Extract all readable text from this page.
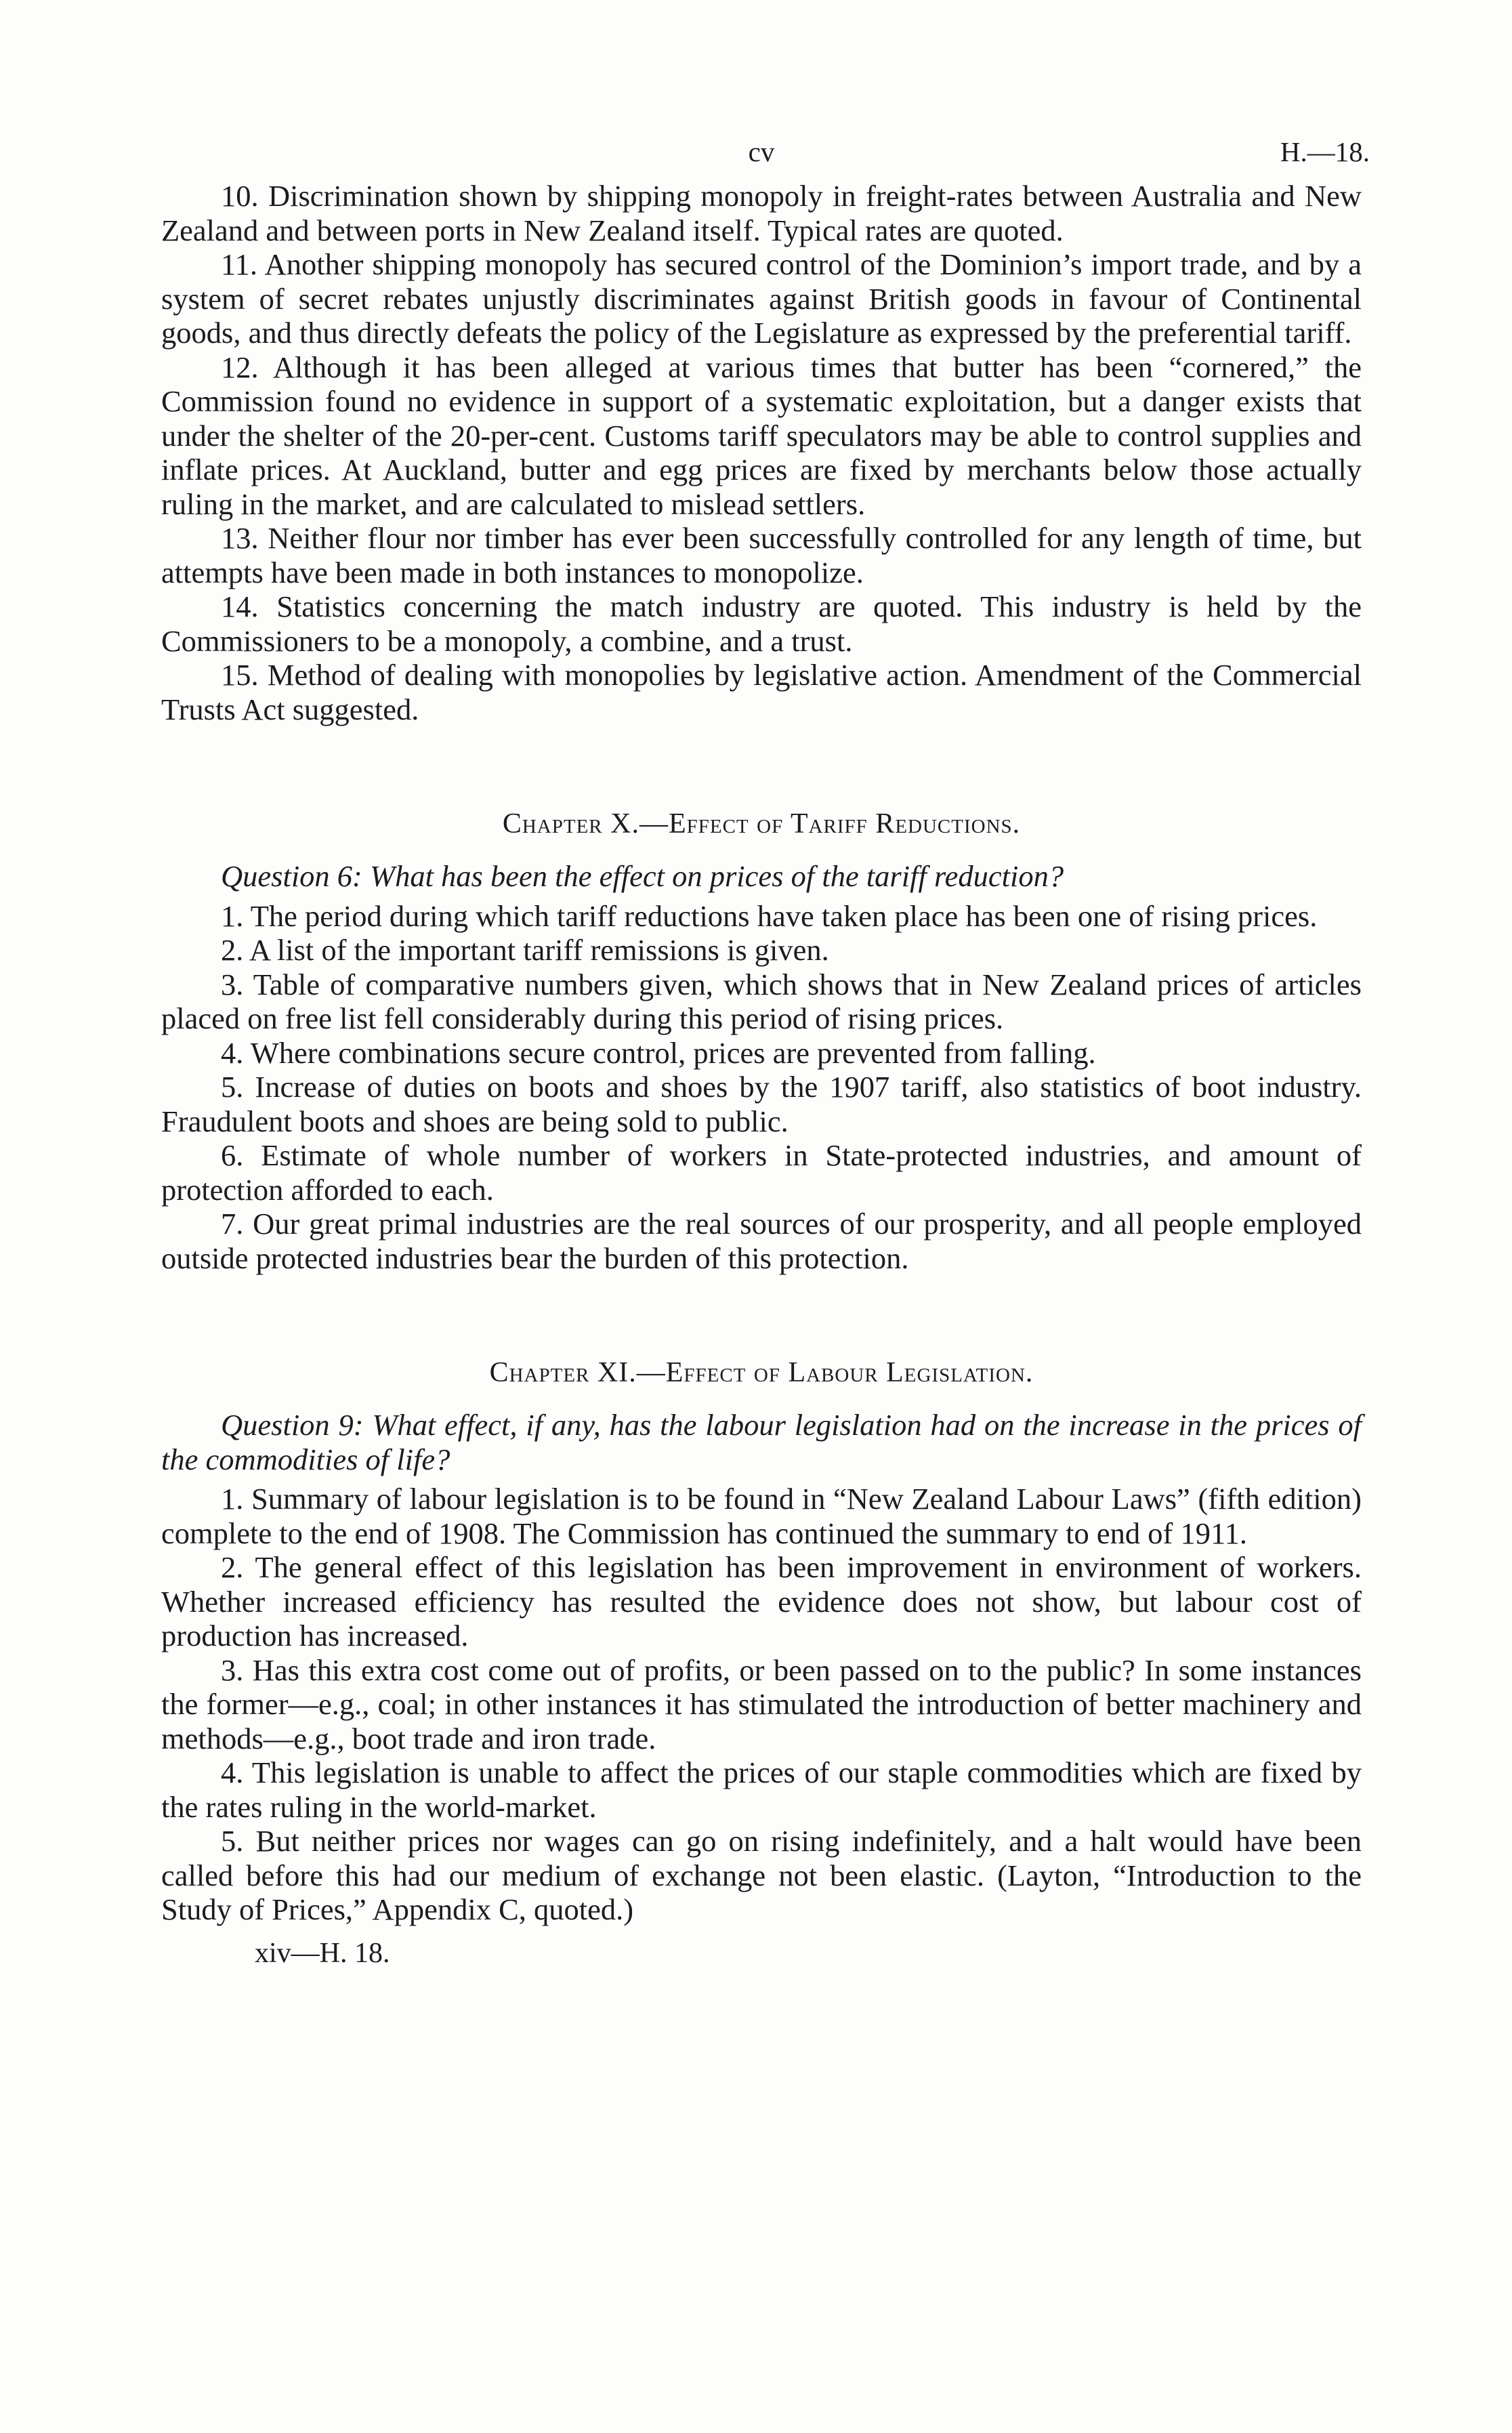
cv	H.—18.

10. Discrimination shown by shipping monopoly in freight-rates between Australia and New Zealand and between ports in New Zealand itself. Typical rates are quoted.

11. Another shipping monopoly has secured control of the Dominion’s import trade, and by a system of secret rebates unjustly discriminates against British goods in favour of Continental goods, and thus directly defeats the policy of the Legislature as expressed by the preferential tariff.

12. Although it has been alleged at various times that butter has been “cornered,” the Commission found no evidence in support of a systematic exploitation, but a danger exists that under the shelter of the 20-per-cent. Customs tariff speculators may be able to control supplies and inflate prices. At Auckland, butter and egg prices are fixed by merchants below those actually ruling in the market, and are calculated to mislead settlers.

13. Neither flour nor timber has ever been successfully controlled for any length of time, but attempts have been made in both instances to monopolize.

14. Statistics concerning the match industry are quoted. This industry is held by the Commissioners to be a monopoly, a combine, and a trust.

15. Method of dealing with monopolies by legislative action. Amendment of the Commercial Trusts Act suggested.

Chapter X.—Effect of Tariff Reductions.
Question 6: What has been the effect on prices of the tariff reduction?

1. The period during which tariff reductions have taken place has been one of rising prices.

2. A list of the important tariff remissions is given.

3. Table of comparative numbers given, which shows that in New Zealand prices of articles placed on free list fell considerably during this period of rising prices.

4. Where combinations secure control, prices are prevented from falling.

5. Increase of duties on boots and shoes by the 1907 tariff, also statistics of boot industry. Fraudulent boots and shoes are being sold to public.

6. Estimate of whole number of workers in State-protected industries, and amount of protection afforded to each.

7. Our great primal industries are the real sources of our prosperity, and all people employed outside protected industries bear the burden of this protection.

Chapter XI.—Effect of Labour Legislation.
Question 9: What effect, if any, has the labour legislation had on the increase in the prices of the commodities of life?

1. Summary of labour legislation is to be found in “New Zealand Labour Laws” (fifth edition) complete to the end of 1908. The Commission has continued the summary to end of 1911.

2. The general effect of this legislation has been improvement in environment of workers. Whether increased efficiency has resulted the evidence does not show, but labour cost of production has increased.

3. Has this extra cost come out of profits, or been passed on to the public? In some instances the former—e.g., coal; in other instances it has stimulated the introduction of better machinery and methods—e.g., boot trade and iron trade.

4. This legislation is unable to affect the prices of our staple commodities which are fixed by the rates ruling in the world-market.

5. But neither prices nor wages can go on rising indefinitely, and a halt would have been called before this had our medium of exchange not been elastic. (Layton, “Introduction to the Study of Prices,” Appendix C, quoted.)

xiv—H. 18.
